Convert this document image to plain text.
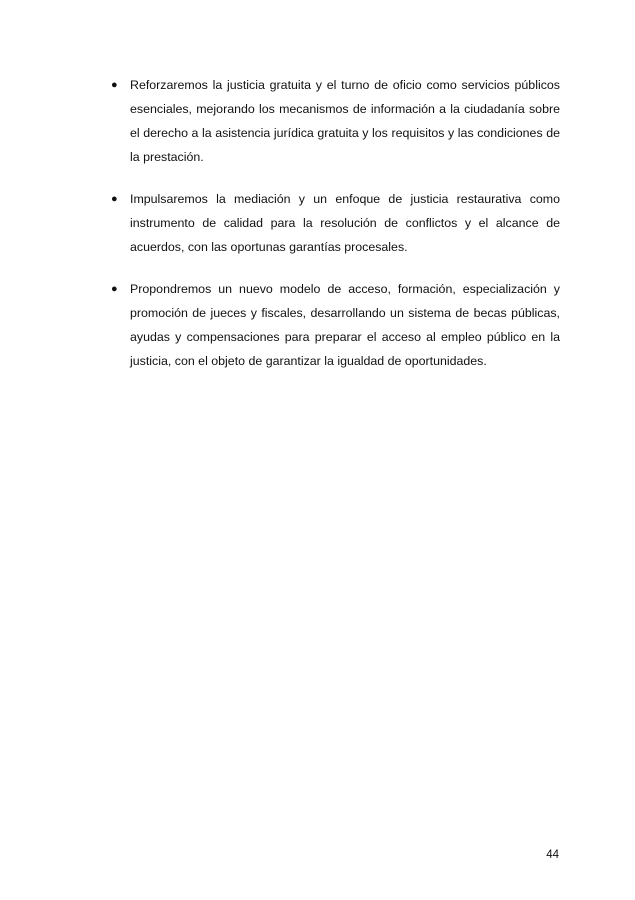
● Reforzaremos la justicia gratuita y el turno de oficio como servicios públicos esenciales, mejorando los mecanismos de información a la ciudadanía sobre el derecho a la asistencia jurídica gratuita y los requisitos y las condiciones de la prestación.
● Impulsaremos la mediación y un enfoque de justicia restaurativa como instrumento de calidad para la resolución de conflictos y el alcance de acuerdos, con las oportunas garantías procesales.
● Propondremos un nuevo modelo de acceso, formación, especialización y promoción de jueces y fiscales, desarrollando un sistema de becas públicas, ayudas y compensaciones para preparar el acceso al empleo público en la justicia, con el objeto de garantizar la igualdad de oportunidades.
44
